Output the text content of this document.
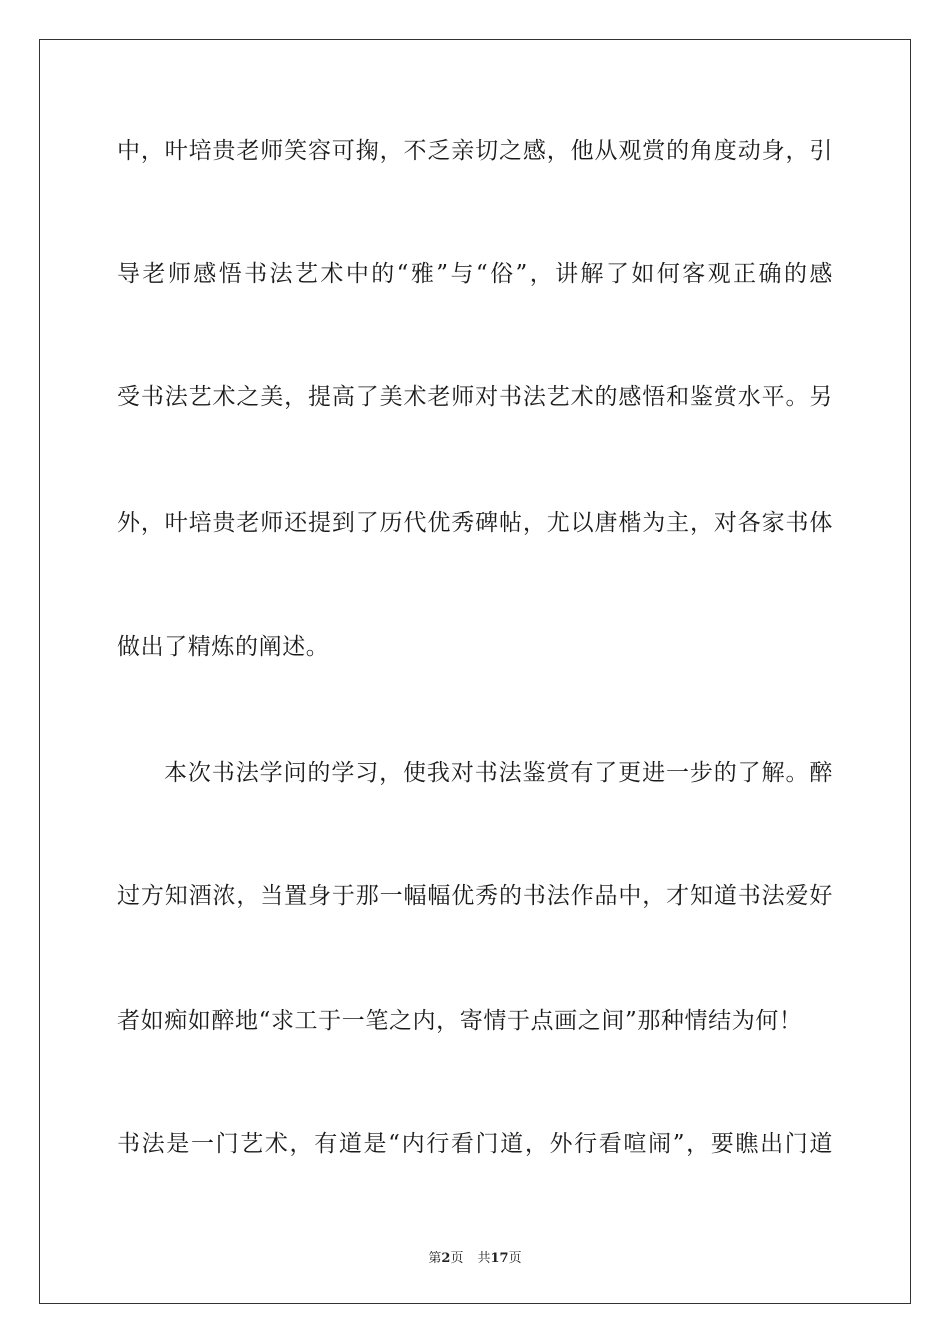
中，叶培贵老师笑容可掬，不乏亲切之感，他从观赏的角度动身，引
导老师感悟书法艺术中的“雅”与“俗”，讲解了如何客观正确的感
受书法艺术之美，提高了美术老师对书法艺术的感悟和鉴赏水平。另
外，叶培贵老师还提到了历代优秀碑帖，尤以唐楷为主，对各家书体
做出了精炼的阐述。
本次书法学问的学习，使我对书法鉴赏有了更进一步的了解。醉
过方知酒浓，当置身于那一幅幅优秀的书法作品中，才知道书法爱好
者如痴如醉地“求工于一笔之内，寄情于点画之间”那种情结为何！
书法是一门艺术，有道是“内行看门道，外行看喧闹”，要瞧出门道
第2页 共17页
